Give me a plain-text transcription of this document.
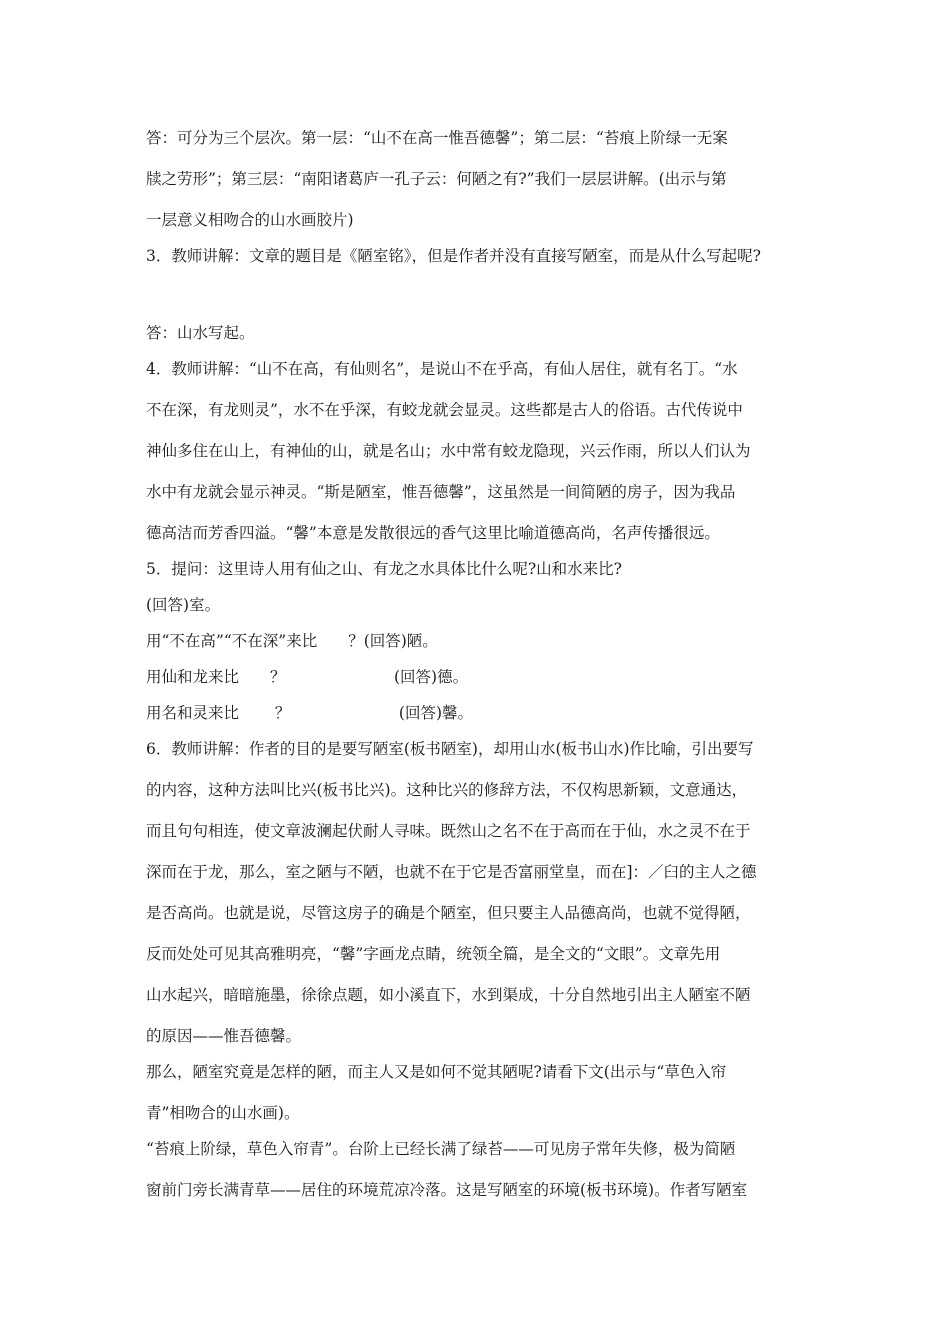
答：可分为三个层次。第一层：“山不在高一惟吾德馨”；第二层：“苔痕上阶绿一无案
牍之劳形”；第三层：“南阳诸葛庐一孔子云：何陋之有?”我们一层层讲解。(出示与第
一层意义相吻合的山水画胶片)
3．教师讲解：文章的题目是《陋室铭》，但是作者并没有直接写陋室，而是从什么写起呢?
答：山水写起。
4．教师讲解：“山不在高，有仙则名”，是说山不在乎高，有仙人居住，就有名丁。“水
不在深，有龙则灵”，水不在乎深，有蛟龙就会显灵。这些都是古人的俗语。古代传说中
神仙多住在山上，有神仙的山，就是名山；水中常有蛟龙隐现，兴云作雨，所以人们认为
水中有龙就会显示神灵。“斯是陋室，惟吾德馨”，这虽然是一间简陋的房子，因为我品
德高洁而芳香四溢。“馨”本意是发散很远的香气这里比喻道德高尚，名声传播很远。
5．提问：这里诗人用有仙之山、有龙之水具体比什么呢?山和水来比?
(回答)室。
用“不在高”“不在深”来比　　？(回答)陋。
用仙和龙来比　　？　　　　　　　(回答)德。
用名和灵来比　　 ？　　　　　　　(回答)馨。
6．教师讲解：作者的目的是要写陋室(板书陋室)，却用山水(板书山水)作比喻，引出要写
的内容，这种方法叫比兴(板书比兴)。这种比兴的修辞方法，不仅构思新颖，文意通达，
而且句句相连，使文章波澜起伏耐人寻味。既然山之名不在于高而在于仙，水之灵不在于
深而在于龙，那么，室之陋与不陋，也就不在于它是否富丽堂皇，而在]：／臼的主人之德
是否高尚。也就是说，尽管这房子的确是个陋室，但只要主人品德高尚，也就不觉得陋，
反而处处可见其高雅明亮，“馨”字画龙点睛，统领全篇，是全文的“文眼”。文章先用
山水起兴，暗暗施墨，徐徐点题，如小溪直下，水到渠成，十分自然地引出主人陋室不陋
的原因——惟吾德馨。
那么，陋室究竟是怎样的陋，而主人又是如何不觉其陋呢?请看下文(出示与“草色入帘
青”相吻合的山水画)。
“苔痕上阶绿，草色入帘青”。台阶上已经长满了绿苔——可见房子常年失修，极为简陋
窗前门旁长满青草——居住的环境荒凉冷落。这是写陋室的环境(板书环境)。作者写陋室
